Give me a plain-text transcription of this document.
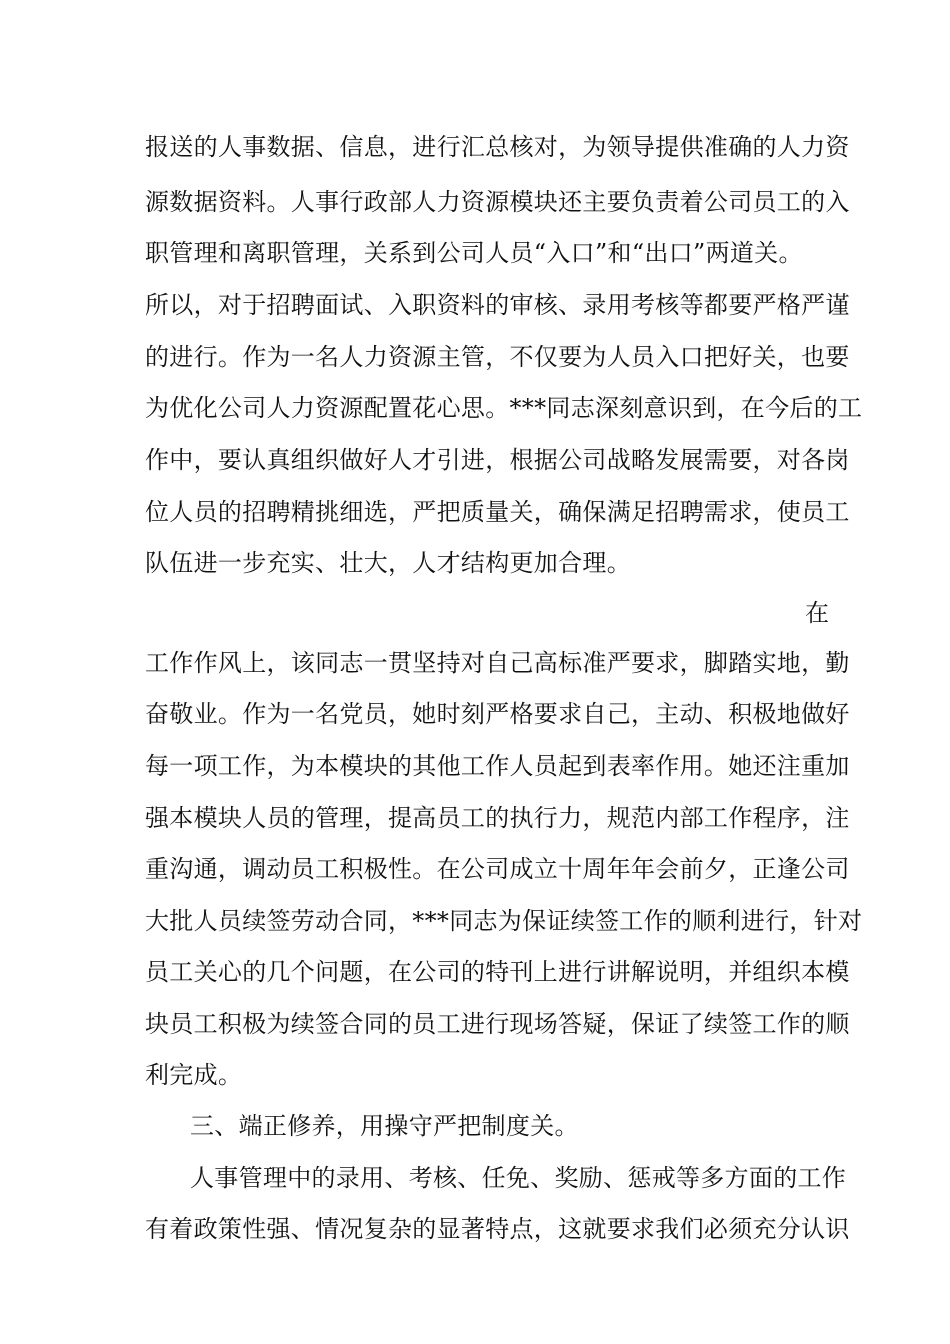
报送的人事数据、信息，进行汇总核对，为领导提供准确的人力资
源数据资料。人事行政部人力资源模块还主要负责着公司员工的入
职管理和离职管理，关系到公司人员“入口”和“出口”两道关。
所以，对于招聘面试、入职资料的审核、录用考核等都要严格严谨
的进行。作为一名人力资源主管，不仅要为人员入口把好关，也要
为优化公司人力资源配置花心思。***同志深刻意识到，在今后的工
作中，要认真组织做好人才引进，根据公司战略发展需要，对各岗
位人员的招聘精挑细选，严把质量关，确保满足招聘需求，使员工
队伍进一步充实、壮大，人才结构更加合理。
在
工作作风上，该同志一贯坚持对自己高标准严要求，脚踏实地，勤
奋敬业。作为一名党员，她时刻严格要求自己，主动、积极地做好
每一项工作，为本模块的其他工作人员起到表率作用。她还注重加
强本模块人员的管理，提高员工的执行力，规范内部工作程序，注
重沟通，调动员工积极性。在公司成立十周年年会前夕，正逢公司
大批人员续签劳动合同，***同志为保证续签工作的顺利进行，针对
员工关心的几个问题，在公司的特刊上进行讲解说明，并组织本模
块员工积极为续签合同的员工进行现场答疑，保证了续签工作的顺
利完成。
三、端正修养，用操守严把制度关。
人事管理中的录用、考核、任免、奖励、惩戒等多方面的工作
有着政策性强、情况复杂的显著特点，这就要求我们必须充分认识
